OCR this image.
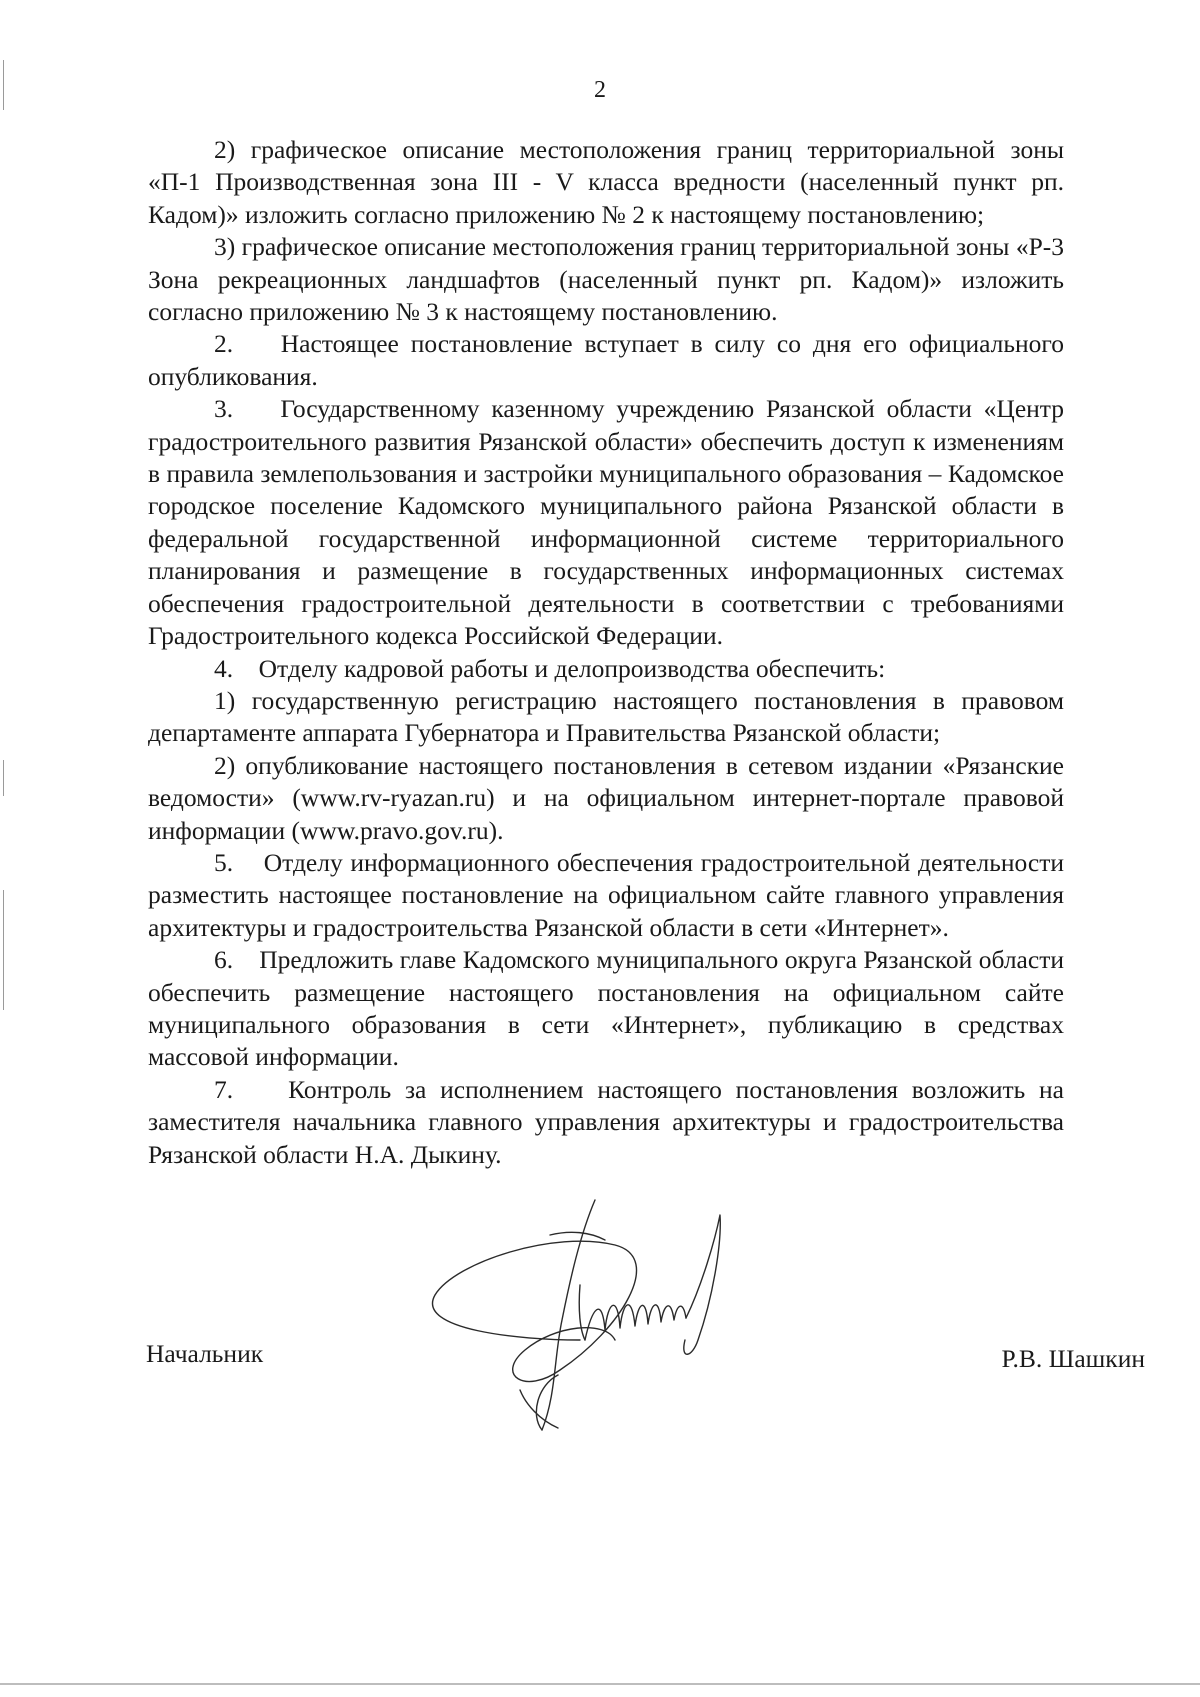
2

2) графическое описание местоположения границ территориальной зоны «П-1 Производственная зона III - V класса вредности (населенный пункт рп. Кадом)» изложить согласно приложению № 2 к настоящему постановлению;

3) графическое описание местоположения границ территориальной зоны «Р-3 Зона рекреационных ландшафтов (населенный пункт рп. Кадом)» изложить согласно приложению № 3 к настоящему постановлению.

2.    Настоящее постановление вступает в силу со дня его официального опубликования.

3.    Государственному казенному учреждению Рязанской области «Центр градостроительного развития Рязанской области» обеспечить доступ к изменениям в правила землепользования и застройки муниципального образования – Кадомское городское поселение Кадомского муниципального района Рязанской области в федеральной государственной информационной системе территориального планирования и размещение в государственных информационных системах обеспечения градостроительной деятельности в соответствии с требованиями Градостроительного кодекса Российской Федерации.

4.    Отделу кадровой работы и делопроизводства обеспечить:

1) государственную регистрацию настоящего постановления в правовом департаменте аппарата Губернатора и Правительства Рязанской области;

2) опубликование настоящего постановления в сетевом издании «Рязанские ведомости» (www.rv-ryazan.ru) и на официальном интернет-портале правовой информации (www.pravo.gov.ru).

5.    Отделу информационного обеспечения градостроительной деятельности разместить настоящее постановление на официальном сайте главного управления архитектуры и градостроительства Рязанской области в сети «Интернет».

6.    Предложить главе Кадомского муниципального округа Рязанской области обеспечить размещение настоящего постановления на официальном сайте муниципального образования в сети «Интернет», публикацию в средствах массовой информации.

7.    Контроль за исполнением настоящего постановления возложить на заместителя начальника главного управления архитектуры и градостроительства Рязанской области Н.А. Дыкину.

Начальник	Р.В. Шашкин
